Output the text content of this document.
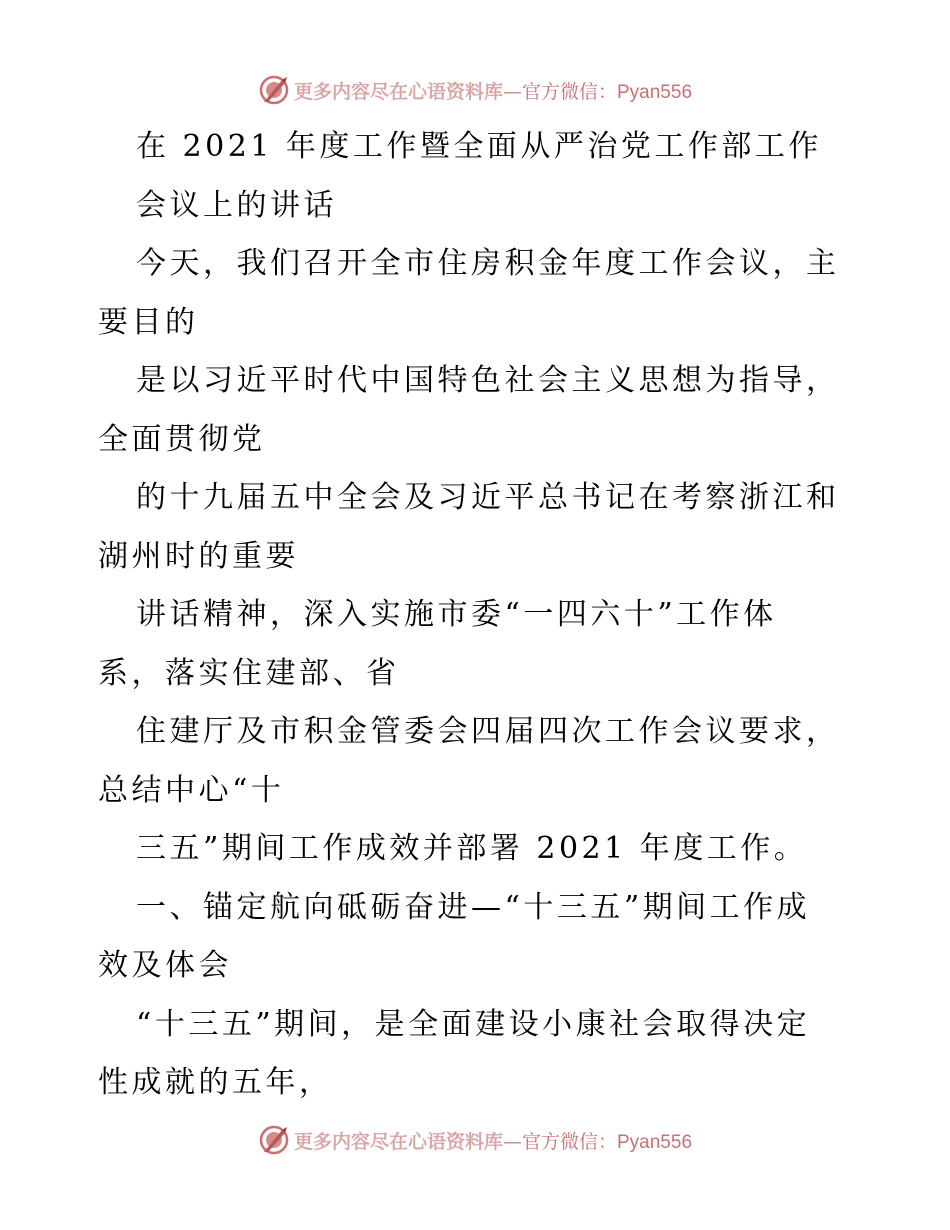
更多内容尽在心语资料库—官方微信：Pyan556
在 2021 年度工作暨全面从严治党工作部工作
会议上的讲话
今天，我们召开全市住房积金年度工作会议，主
要目的
是以习近平时代中国特色社会主义思想为指导，
全面贯彻党
的十九届五中全会及习近平总书记在考察浙江和
湖州时的重要
讲话精神，深入实施市委“一四六十”工作体
系，落实住建部、省
住建厅及市积金管委会四届四次工作会议要求，
总结中心“十
三五”期间工作成效并部署 2021 年度工作。
一、锚定航向砥砺奋进—“十三五”期间工作成
效及体会
“十三五”期间，是全面建设小康社会取得决定
性成就的五年，
更多内容尽在心语资料库—官方微信：Pyan556
